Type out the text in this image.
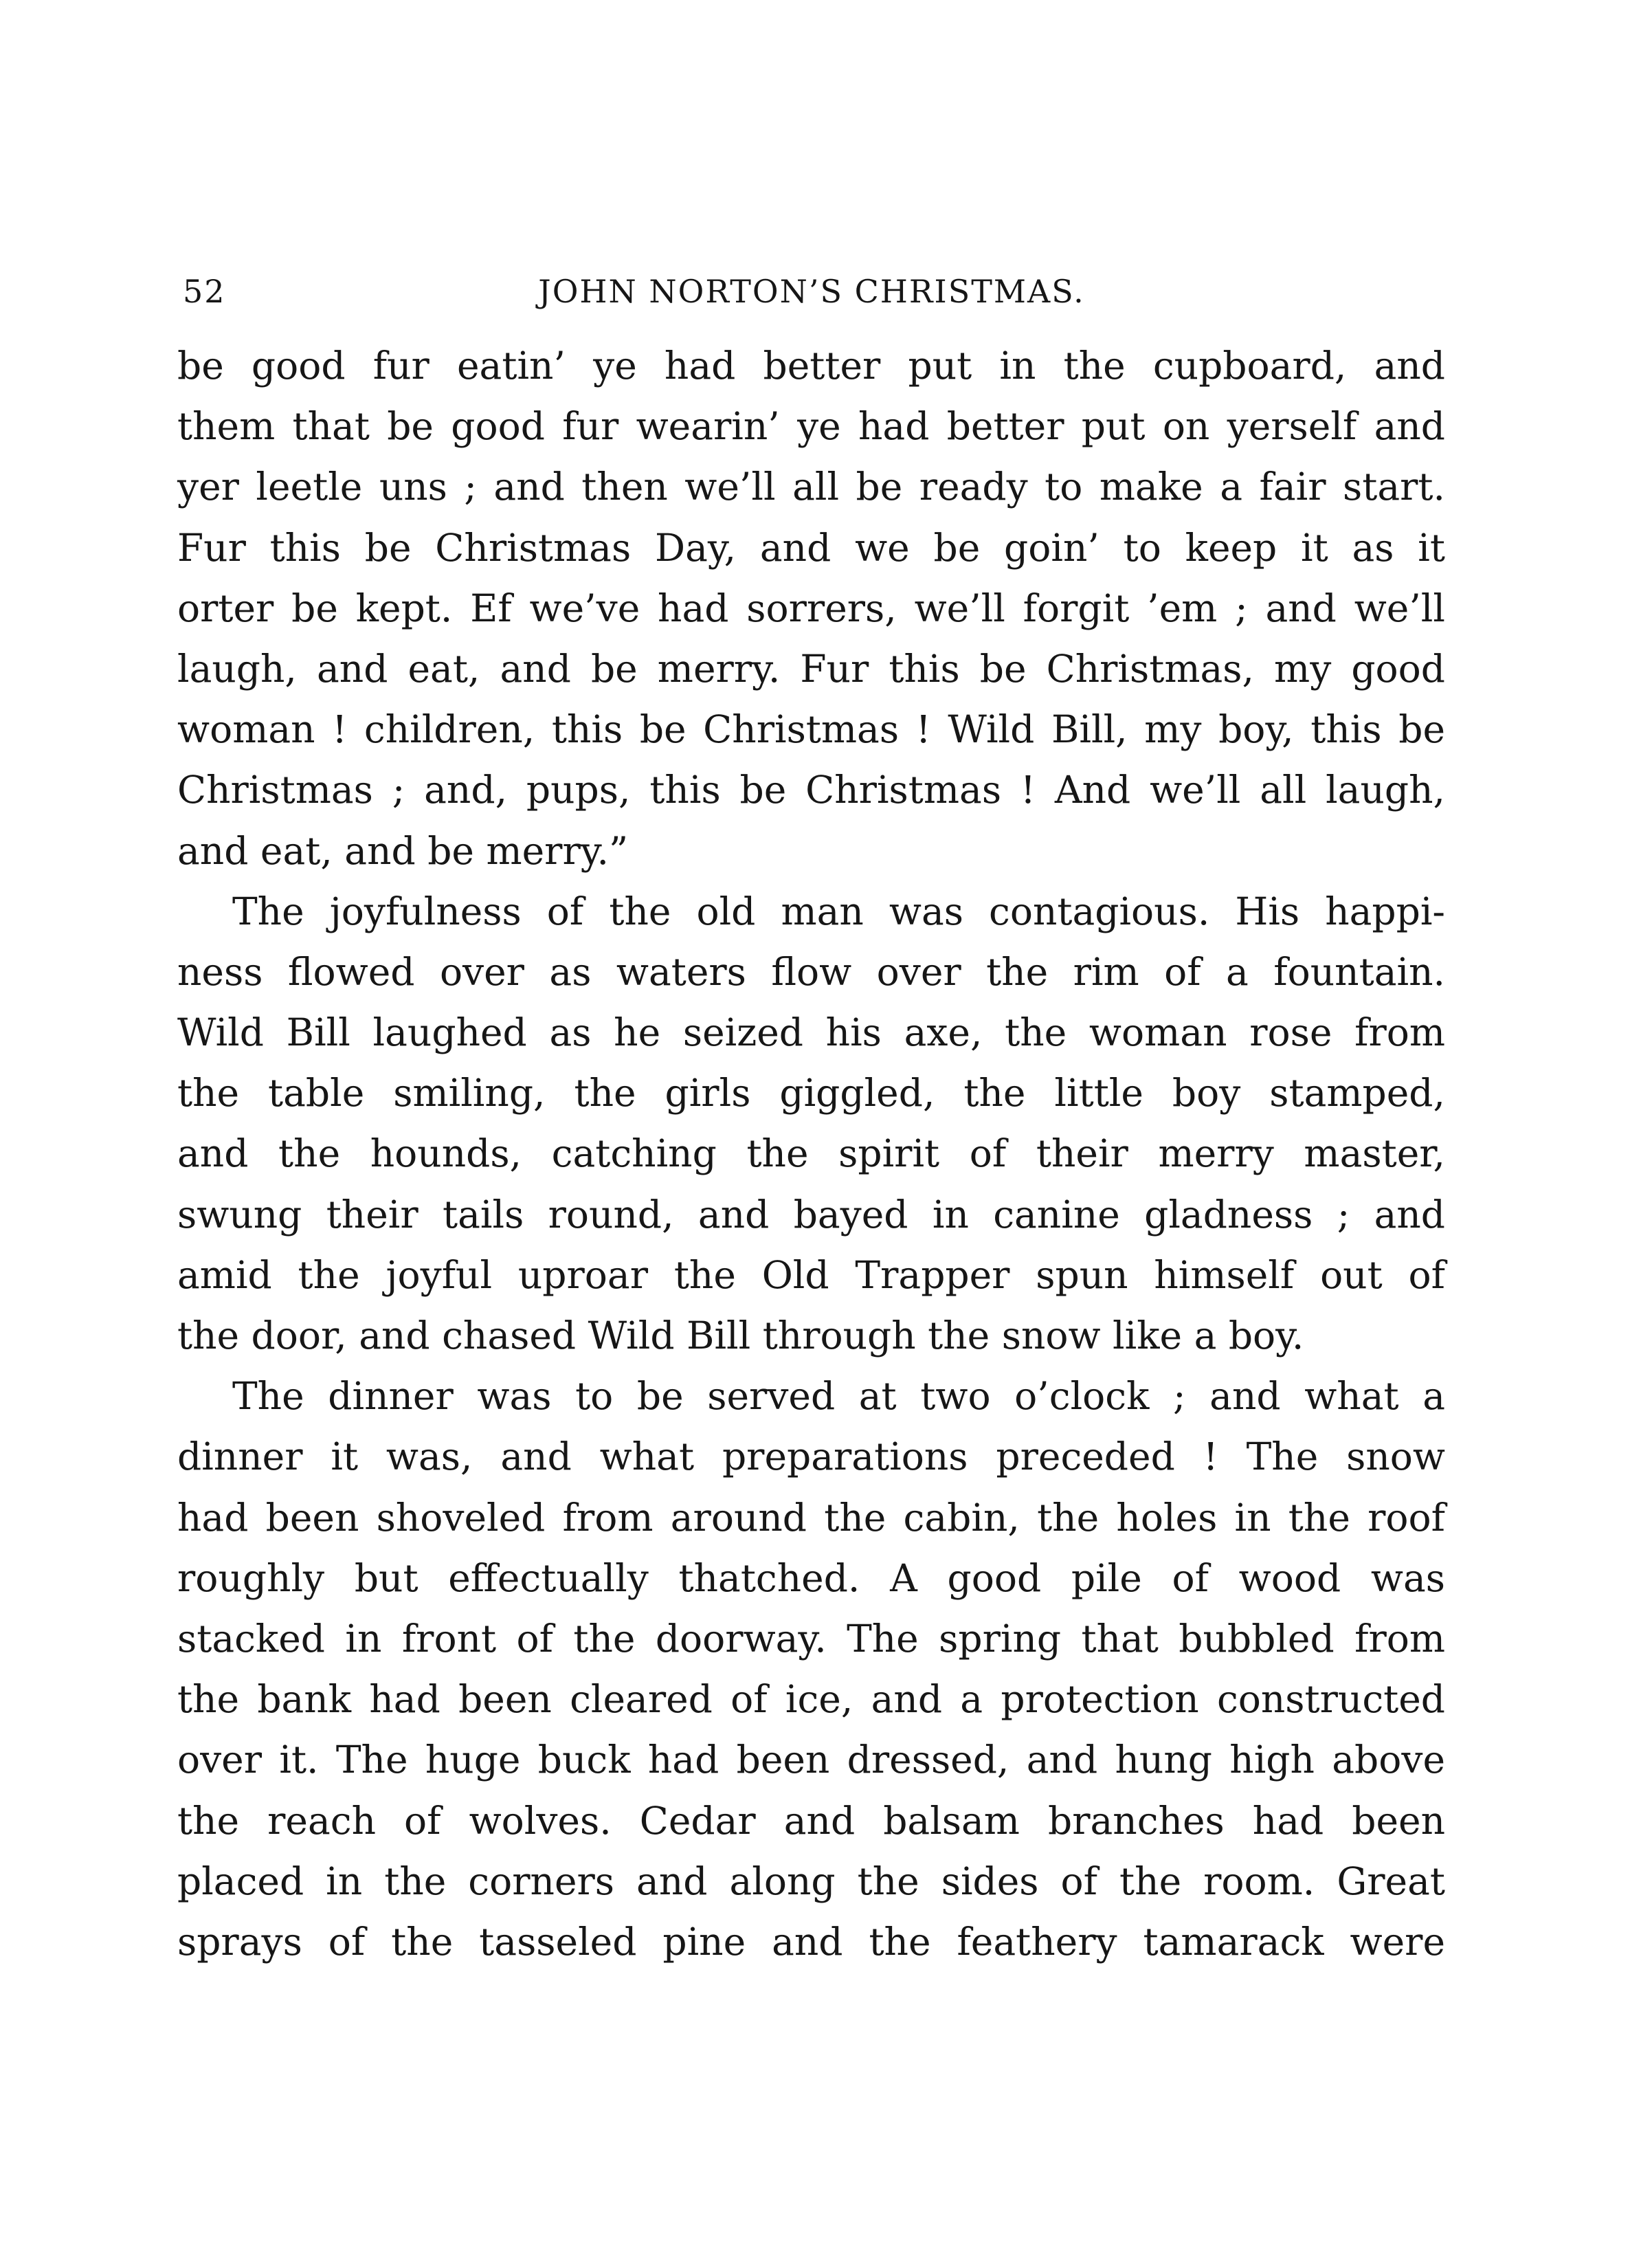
52	JOHN NORTON’S CHRISTMAS.
be good fur eatin’ ye had better put in the cupboard, and
them that be good fur wearin’ ye had better put on yerself and
yer leetle uns ; and then we’ll all be ready to make a fair start.
Fur this be Christmas Day, and we be goin’ to keep it as it
orter be kept. Ef we’ve had sorrers, we’ll forgit ’em ; and we’ll
laugh, and eat, and be merry. Fur this be Christmas, my good
woman ! children, this be Christmas ! Wild Bill, my boy, this be
Christmas ; and, pups, this be Christmas ! And we’ll all laugh,
and eat, and be merry.”
The joyfulness of the old man was contagious. His happi-
ness flowed over as waters flow over the rim of a fountain.
Wild Bill laughed as he seized his axe, the woman rose from
the table smiling, the girls giggled, the little boy stamped,
and the hounds, catching the spirit of their merry master,
swung their tails round, and bayed in canine gladness ; and
amid the joyful uproar the Old Trapper spun himself out of
the door, and chased Wild Bill through the snow like a boy.
The dinner was to be served at two o’clock ; and what a
dinner it was, and what preparations preceded ! The snow
had been shoveled from around the cabin, the holes in the roof
roughly but effectually thatched. A good pile of wood was
stacked in front of the doorway. The spring that bubbled from
the bank had been cleared of ice, and a protection constructed
over it. The huge buck had been dressed, and hung high above
the reach of wolves. Cedar and balsam branches had been
placed in the corners and along the sides of the room. Great
sprays of the tasseled pine and the feathery tamarack were
